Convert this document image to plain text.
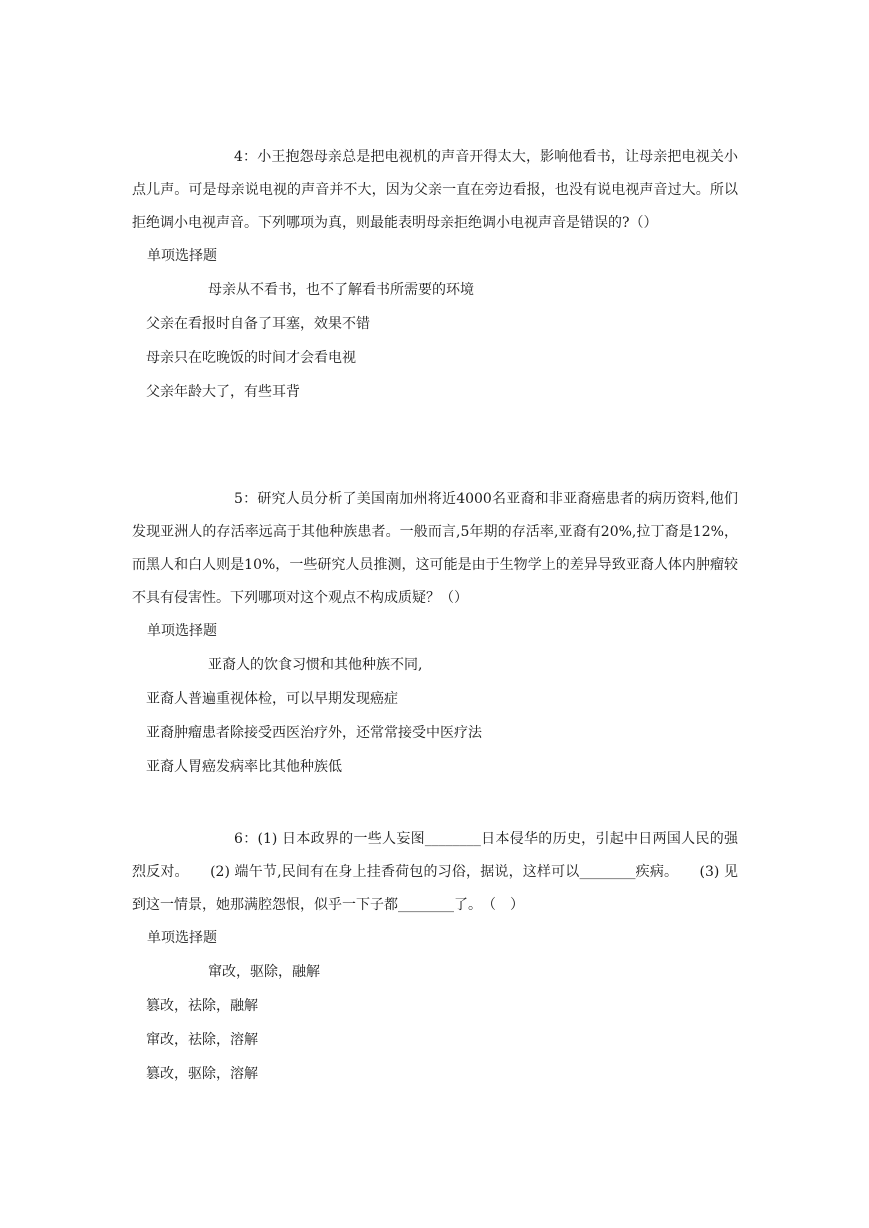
4：小王抱怨母亲总是把电视机的声音开得太大，影响他看书，让母亲把电视关小点儿声。可是母亲说电视的声音并不大，因为父亲一直在旁边看报，也没有说电视声音过大。所以拒绝调小电视声音。下列哪项为真，则最能表明母亲拒绝调小电视声音是错误的?（）

单项选择题

母亲从不看书，也不了解看书所需要的环境

父亲在看报时自备了耳塞，效果不错

母亲只在吃晚饭的时间才会看电视

父亲年龄大了，有些耳背

5：研究人员分析了美国南加州将近4000名亚裔和非亚裔癌患者的病历资料,他们发现亚洲人的存活率远高于其他种族患者。一般而言,5年期的存活率,亚裔有20%,拉丁裔是12%，而黑人和白人则是10%，一些研究人员推测，这可能是由于生物学上的差异导致亚裔人体内肿瘤较不具有侵害性。下列哪项对这个观点不构成质疑？（）

单项选择题

亚裔人的饮食习惯和其他种族不同,

亚裔人普遍重视体检，可以早期发现癌症

亚裔肿瘤患者除接受西医治疗外，还常常接受中医疗法

亚裔人胃癌发病率比其他种族低

6：(1) 日本政界的一些人妄图________日本侵华的历史，引起中日两国人民的强烈反对。　　(2) 端午节,民间有在身上挂香荷包的习俗，据说，这样可以________疾病。　　(3) 见到这一情景，她那满腔怨恨，似乎一下子都________了。　（　）

单项选择题

窜改，驱除，融解

篡改，祛除，融解

窜改，祛除，溶解

篡改，驱除，溶解
